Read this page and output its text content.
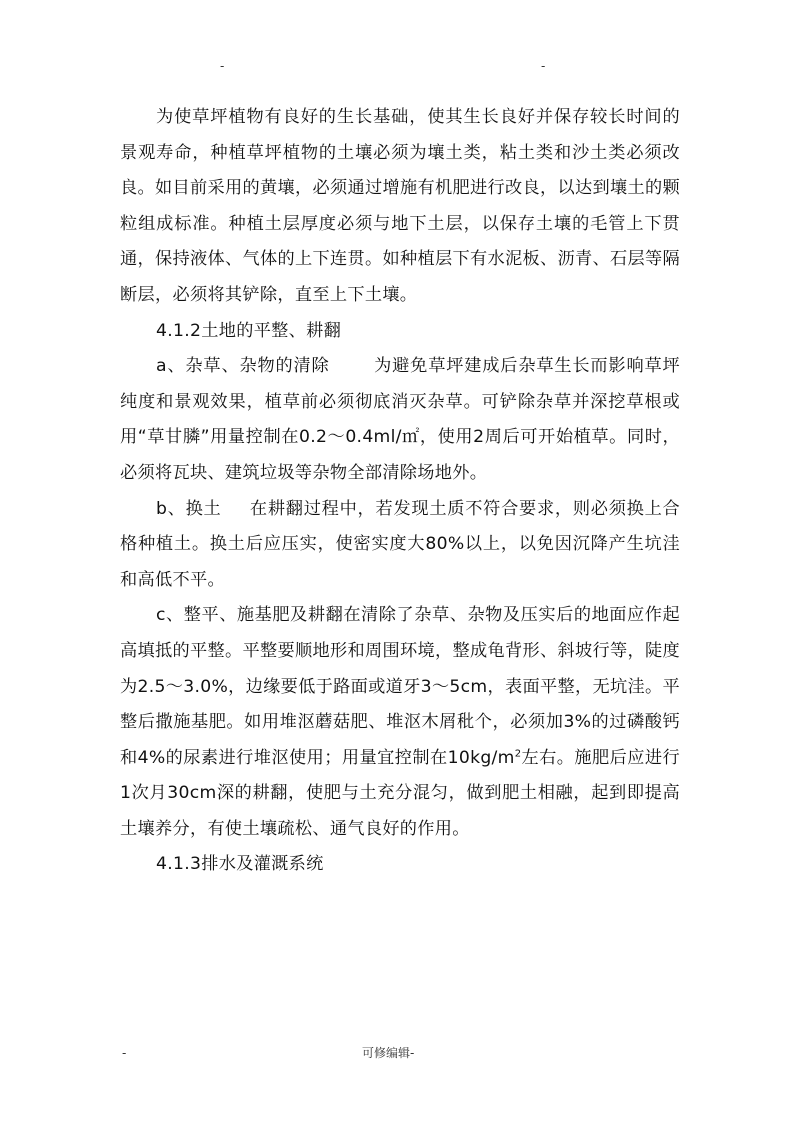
-	-

为使草坪植物有良好的生长基础，使其生长良好并保存较长时间的景观寿命，种植草坪植物的土壤必须为壤土类，粘土类和沙土类必须改良。如目前采用的黄壤，必须通过增施有机肥进行改良，以达到壤土的颗粒组成标准。种植土层厚度必须与地下土层，以保存土壤的毛管上下贯通，保持液体、气体的上下连贯。如种植层下有水泥板、沥青、石层等隔断层，必须将其铲除，直至上下土壤。

4.1.2土地的平整、耕翻

a、杂草、杂物的清除	为避免草坪建成后杂草生长而影响草坪纯度和景观效果，植草前必须彻底消灭杂草。可铲除杂草并深挖草根或用“草甘膦”用量控制在0.2～0.4ml/㎡，使用2周后可开始植草。同时，必须将瓦块、建筑垃圾等杂物全部清除场地外。

b、换土 在耕翻过程中，若发现土质不符合要求，则必须换上合格种植土。换土后应压实，使密实度大80%以上，以免因沉降产生坑洼和高低不平。

c、整平、施基肥及耕翻在清除了杂草、杂物及压实后的地面应作起高填抵的平整。平整要顺地形和周围环境，整成龟背形、斜坡行等，陡度为2.5～3.0%，边缘要低于路面或道牙3～5cm，表面平整，无坑洼。平整后撒施基肥。如用堆沤蘑菇肥、堆沤木屑秕个，必须加3%的过磷酸钙和4%的尿素进行堆沤使用；用量宜控制在$10kg/m^2$左右。施肥后应进行1次月30cm深的耕翻，使肥与土充分混匀，做到肥土相融，起到即提高土壤养分，有使土壤疏松、通气良好的作用。

4.1.3排水及灌溉系统

-	可修编辑-
